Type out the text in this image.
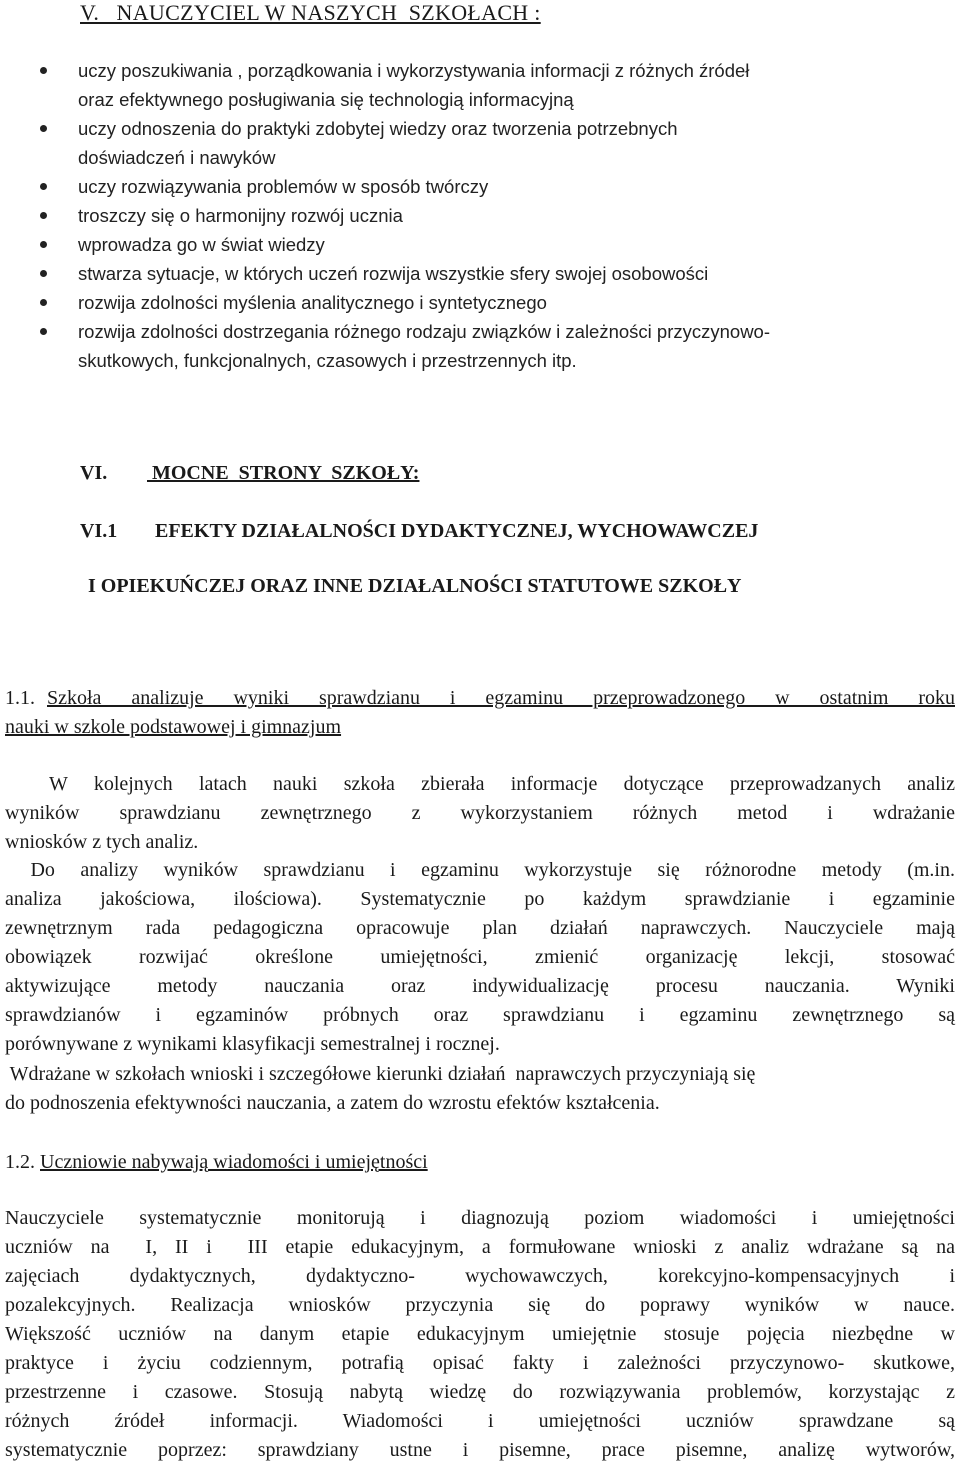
V.   NAUCZYCIEL W NASZYCH  SZKOŁACH :
uczy poszukiwania , porządkowania i wykorzystywania informacji z różnych źródeł
oraz efektywnego posługiwania się technologią informacyjną
uczy odnoszenia do praktyki zdobytej wiedzy oraz tworzenia potrzebnych
doświadczeń i nawyków
uczy rozwiązywania problemów w sposób twórczy
troszczy się o harmonijny rozwój ucznia
wprowadza go w świat wiedzy
stwarza sytuacje, w których uczeń rozwija wszystkie sfery swojej osobowości
rozwija zdolności myślenia analitycznego i syntetycznego
rozwija zdolności dostrzegania różnego rodzaju związków i zależności przyczynowo-
skutkowych, funkcjonalnych, czasowych i przestrzennych itp.
VI. MOCNE  STRONY  SZKOŁY:
VI.1 EFEKTY DZIAŁALNOŚCI DYDAKTYCZNEJ, WYCHOWAWCZEJ
I OPIEKUŃCZEJ ORAZ INNE DZIAŁALNOŚCI STATUTOWE SZKOŁY
1.1. Szkoła analizuje wyniki sprawdzianu i egzaminu przeprowadzonego w ostatnim roku
nauki w szkole podstawowej i gimnazjum
W kolejnych latach nauki szkoła zbierała informacje dotyczące przeprowadzanych analiz
wyników sprawdzianu zewnętrznego z wykorzystaniem różnych metod i wdrażanie
wniosków z tych analiz.
Do analizy wyników sprawdzianu i egzaminu wykorzystuje się różnorodne metody (m.in.
analiza jakościowa, ilościowa). Systematycznie po każdym sprawdzianie i egzaminie
zewnętrznym rada pedagogiczna opracowuje plan działań naprawczych. Nauczyciele mają
obowiązek rozwijać określone umiejętności, zmienić organizację lekcji, stosować
aktywizujące metody nauczania oraz indywidualizację procesu nauczania. Wyniki
sprawdzianów i egzaminów próbnych oraz sprawdzianu i egzaminu zewnętrznego są
porównywane z wynikami klasyfikacji semestralnej i rocznej.
Wdrażane w szkołach wnioski i szczegółowe kierunki działań  naprawczych przyczyniają się
do podnoszenia efektywności nauczania, a zatem do wzrostu efektów kształcenia.
1.2. Uczniowie nabywają wiadomości i umiejętności
Nauczyciele systematycznie monitorują i diagnozują poziom wiadomości i umiejętności
uczniów na  I, II i  III etapie edukacyjnym, a formułowane wnioski z analiz wdrażane są na
zajęciach dydaktycznych, dydaktyczno- wychowawczych, korekcyjno-kompensacyjnych i
pozalekcyjnych. Realizacja wniosków przyczynia się do poprawy wyników w nauce.
Większość uczniów na danym etapie edukacyjnym umiejętnie stosuje pojęcia niezbędne w
praktyce i życiu codziennym, potrafią opisać fakty i zależności przyczynowo- skutkowe,
przestrzenne i czasowe. Stosują nabytą wiedzę do rozwiązywania problemów, korzystając z
różnych źródeł informacji. Wiadomości i umiejętności uczniów sprawdzane są
systematycznie poprzez: sprawdziany ustne i pisemne, prace pisemne, analizę wytworów,
